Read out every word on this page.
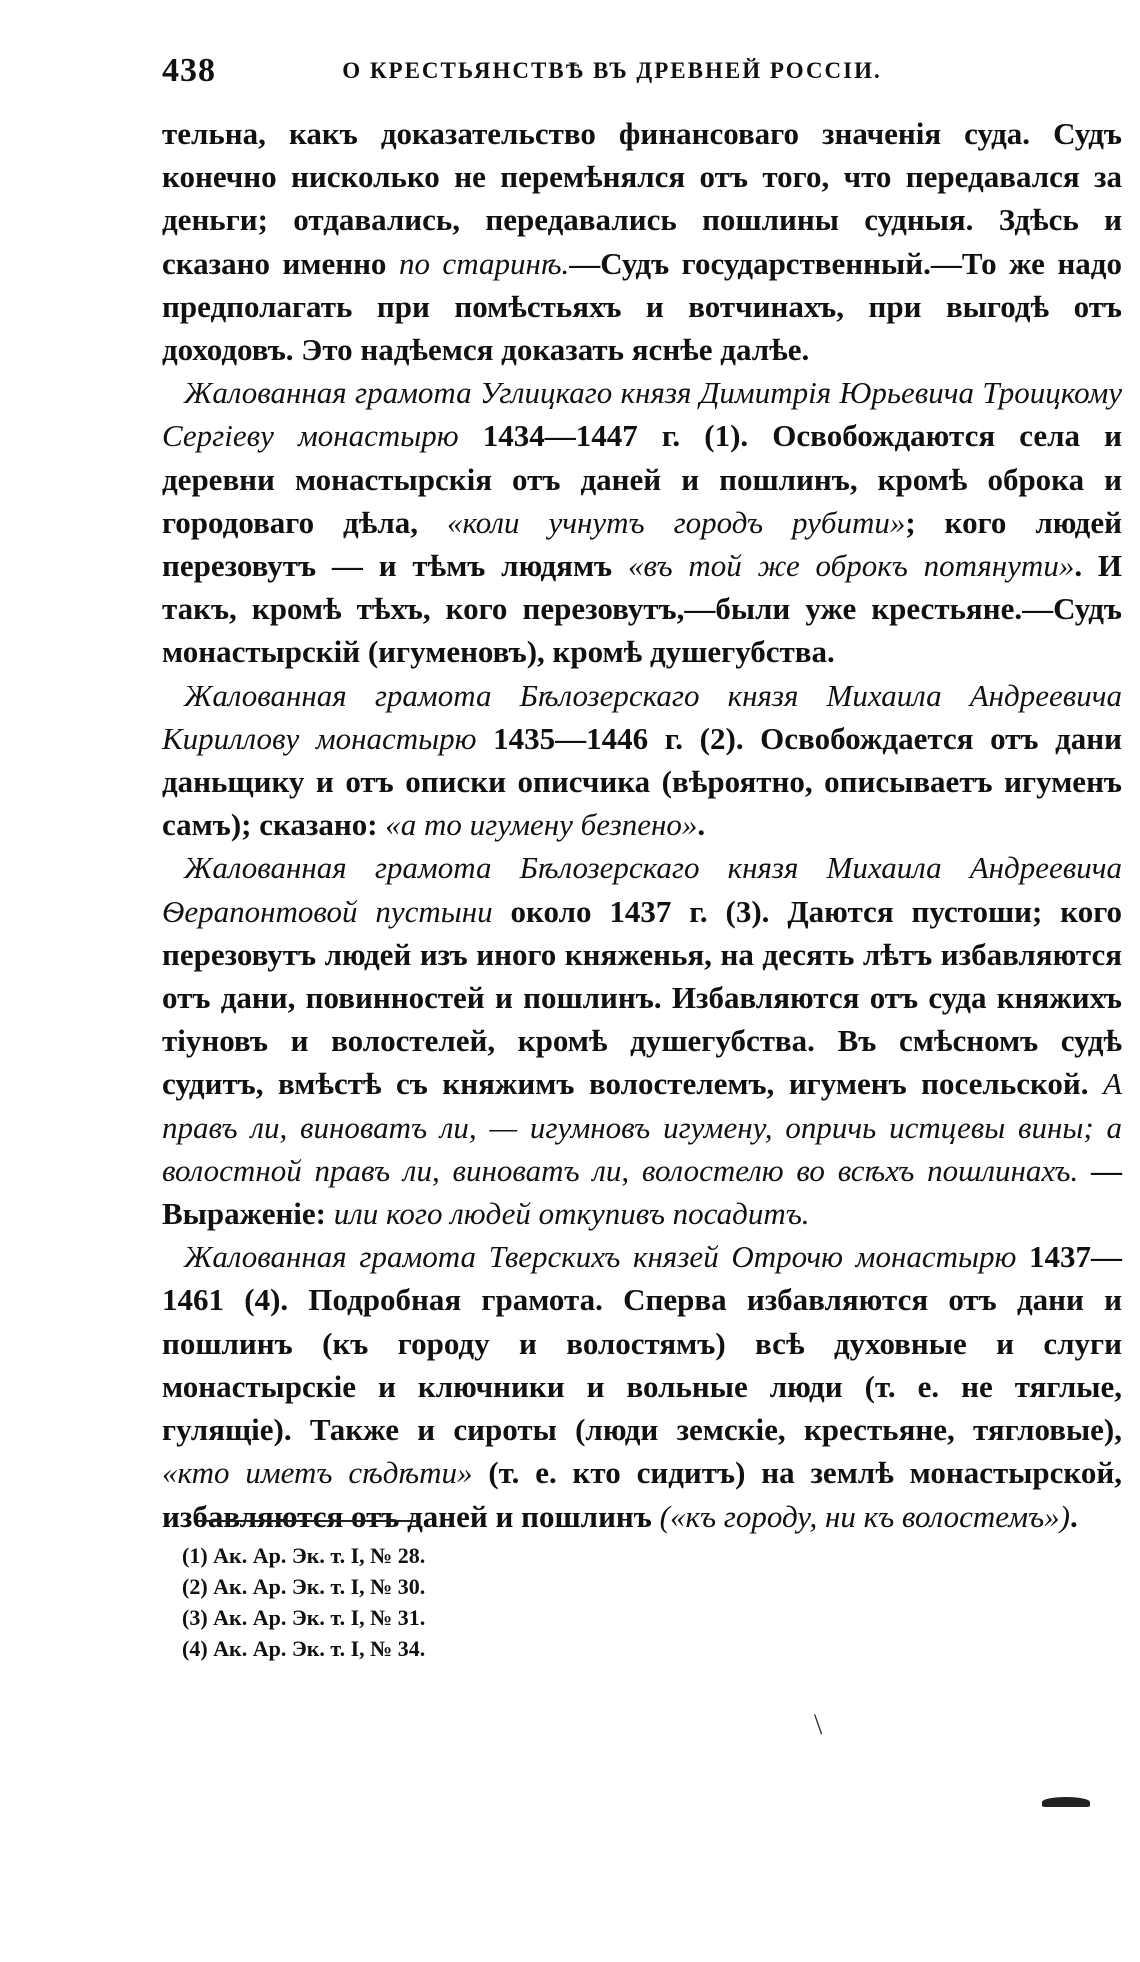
438	О КРЕСТЬЯНСТВѢ ВЪ ДРЕВНЕЙ РОССІИ.

тельна, какъ доказательство финансоваго значенія суда. Судъ конечно нисколько не перемѣнялся отъ того, что передавался за деньги; отдавались, передавались пошлины судныя. Здѣсь и сказано именно по старинѣ.—Судъ государственный.—То же надо предполагать при помѣстьяхъ и вотчинахъ, при выгодѣ отъ доходовъ. Это надѣемся доказать яснѣе далѣе.

Жалованная грамота Углицкаго князя Димитрія Юрьевича Троицкому Сергіеву монастырю 1434—1447 г. (1). Освобождаются села и деревни монастырскія отъ даней и пошлинъ, кромѣ оброка и городоваго дѣла, «коли учнутъ городъ рубити»; кого людей перезовутъ — и тѣмъ людямъ «въ той же оброкъ потянути». И такъ, кромѣ тѣхъ, кого перезовутъ,—были уже крестьяне.—Судъ монастырскій (игуменовъ), кромѣ душегубства.

Жалованная грамота Бѣлозерскаго князя Михаила Андреевича Кириллову монастырю 1435—1446 г. (2). Освобождается отъ дани даньщику и отъ описки описчика (вѣроятно, описываетъ игуменъ самъ); сказано: «а то игумену безпено».

Жалованная грамота Бѣлозерскаго князя Михаила Андреевича Ѳерапонтовой пустыни около 1437 г. (3). Даются пустоши; кого перезовутъ людей изъ иного княженья, на десять лѣтъ избавляются отъ дани, повинностей и пошлинъ. Избавляются отъ суда княжихъ тіуновъ и волостелей, кромѣ душегубства. Въ смѣсномъ судѣ судитъ, вмѣстѣ съ княжимъ волостелемъ, игуменъ посельской. А правъ ли, виноватъ ли, — игумновъ игумену, опричь истцевы вины; а волостной правъ ли, виноватъ ли, волостелю во всѣхъ пошлинахъ. — Выраженіе: или кого людей откупивъ посадитъ.

Жалованная грамота Тверскихъ князей Отрочю монастырю 1437—1461 (4). Подробная грамота. Сперва избавляются отъ дани и пошлинъ (къ городу и волостямъ) всѣ духовные и слуги монастырскіе и ключники и вольные люди (т. е. не тяглые, гулящіе). Также и сироты (люди земскіе, крестьяне, тягловые), «кто иметъ сѣдѣти» (т. е. кто сидитъ) на землѣ монастырской, избавляются отъ даней и пошлинъ («къ городу, ни къ волостемъ»).

(1) Ак. Ар. Эк. т. I, № 28.
(2) Ак. Ар. Эк. т. I, № 30.
(3) Ак. Ар. Эк. т. I, № 31.
(4) Ак. Ар. Эк. т. I, № 34.
\
